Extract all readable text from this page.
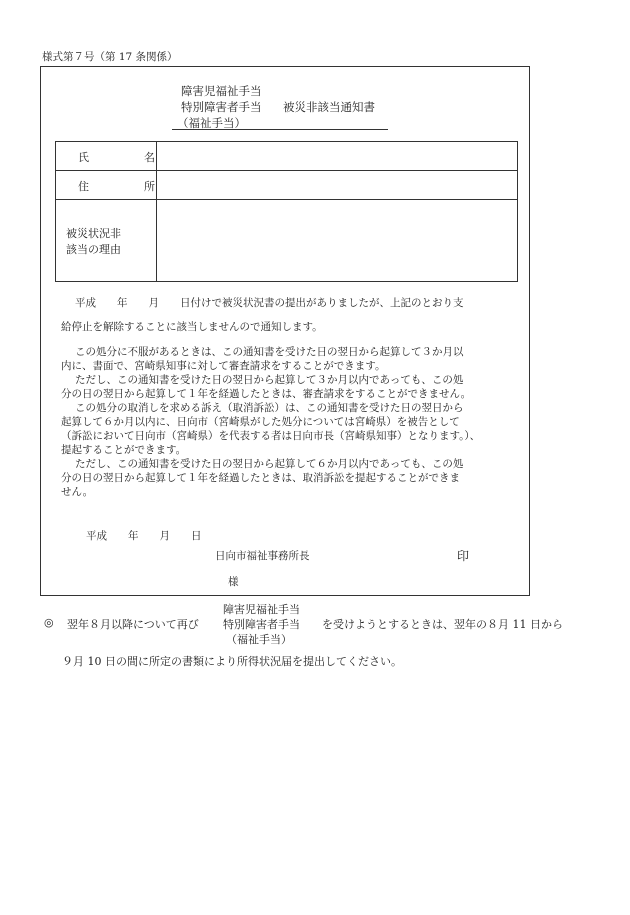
様式第７号（第 17 条関係）
障害児福祉手当
特別障害者手当
（福祉手当）
被災非該当通知書
氏　名
住　所
被災状況非
該当の理由
平成　　年　　月　　日付けで被災状況書の提出がありましたが、上記のとおり支
給停止を解除することに該当しませんので通知します。
この処分に不服があるときは、この通知書を受けた日の翌日から起算して３か月以
内に、書面で、宮崎県知事に対して審査請求をすることができます。
ただし、この通知書を受けた日の翌日から起算して３か月以内であっても、この処
分の日の翌日から起算して１年を経過したときは、審査請求をすることができません。
この処分の取消しを求める訴え（取消訴訟）は、この通知書を受けた日の翌日から
起算して６か月以内に、日向市（宮崎県がした処分については宮崎県）を被告として
（訴訟において日向市（宮崎県）を代表する者は日向市長（宮崎県知事）となります。）、
提起することができます。
ただし、この通知書を受けた日の翌日から起算して６か月以内であっても、この処
分の日の翌日から起算して１年を経過したときは、取消訴訟を提起することができま
せん。
平成　　年　　月　　日
日向市福祉事務所長	印
様
◎ 翌年８月以降について再び
障害児福祉手当
特別障害者手当
（福祉手当）
を受けようとするときは、翌年の８月 11 日から
９月 10 日の間に所定の書類により所得状況届を提出してください。
